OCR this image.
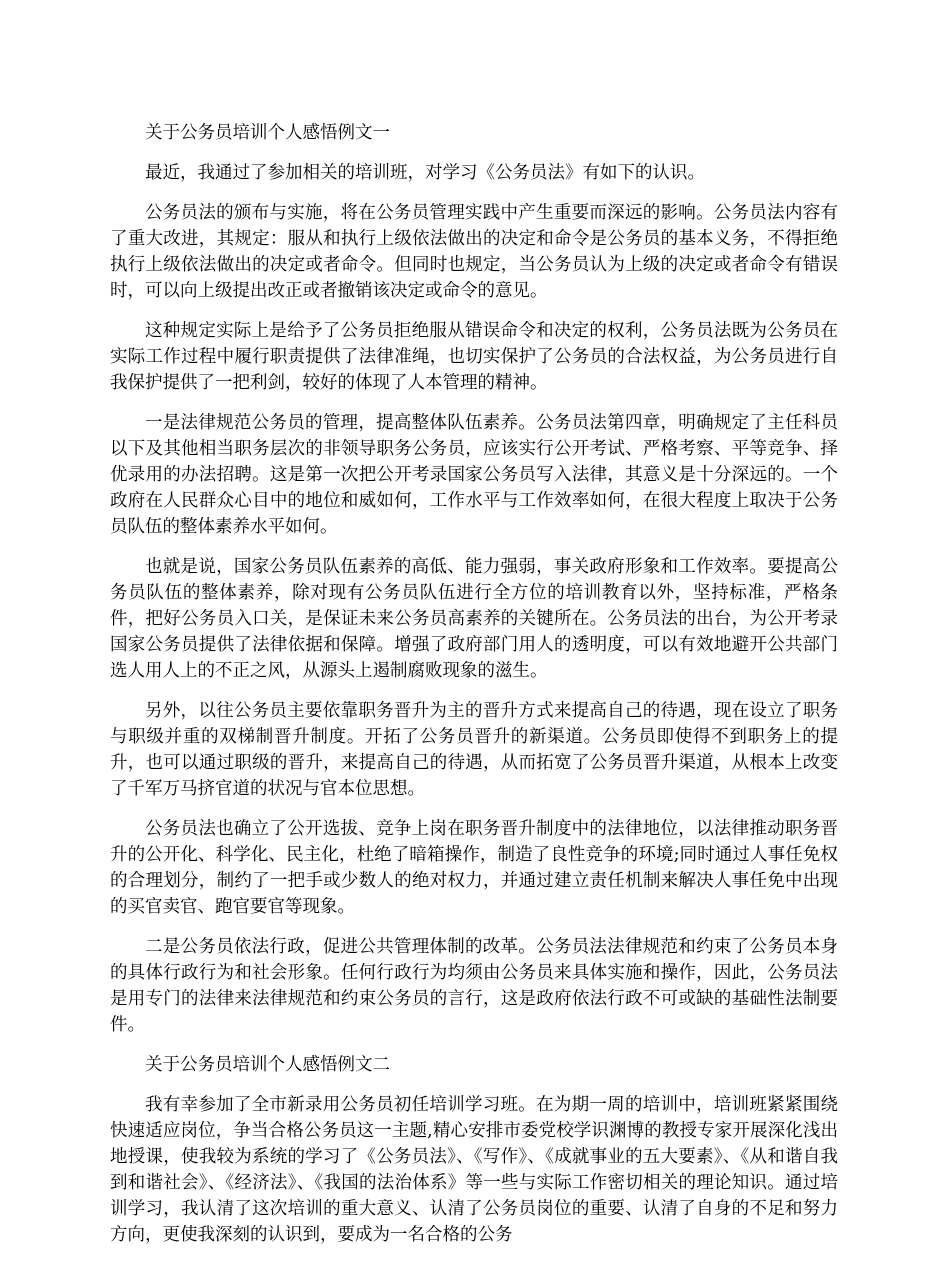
关于公务员培训个人感悟例文一

最近，我通过了参加相关的培训班，对学习《公务员法》有如下的认识。

公务员法的颁布与实施，将在公务员管理实践中产生重要而深远的影响。公务员法内容有了重大改进，其规定：服从和执行上级依法做出的决定和命令是公务员的基本义务，不得拒绝执行上级依法做出的决定或者命令。但同时也规定，当公务员认为上级的决定或者命令有错误时，可以向上级提出改正或者撤销该决定或命令的意见。

这种规定实际上是给予了公务员拒绝服从错误命令和决定的权利，公务员法既为公务员在实际工作过程中履行职责提供了法律准绳，也切实保护了公务员的合法权益，为公务员进行自我保护提供了一把利剑，较好的体现了人本管理的精神。

一是法律规范公务员的管理，提高整体队伍素养。公务员法第四章，明确规定了主任科员以下及其他相当职务层次的非领导职务公务员，应该实行公开考试、严格考察、平等竞争、择优录用的办法招聘。这是第一次把公开考录国家公务员写入法律，其意义是十分深远的。一个政府在人民群众心目中的地位和威如何，工作水平与工作效率如何，在很大程度上取决于公务员队伍的整体素养水平如何。

也就是说，国家公务员队伍素养的高低、能力强弱，事关政府形象和工作效率。要提高公务员队伍的整体素养，除对现有公务员队伍进行全方位的培训教育以外，坚持标准，严格条件，把好公务员入口关，是保证未来公务员高素养的关键所在。公务员法的出台，为公开考录国家公务员提供了法律依据和保障。增强了政府部门用人的透明度，可以有效地避开公共部门选人用人上的不正之风，从源头上遏制腐败现象的滋生。

另外，以往公务员主要依靠职务晋升为主的晋升方式来提高自己的待遇，现在设立了职务与职级并重的双梯制晋升制度。开拓了公务员晋升的新渠道。公务员即使得不到职务上的提升，也可以通过职级的晋升，来提高自己的待遇，从而拓宽了公务员晋升渠道，从根本上改变了千军万马挤官道的状况与官本位思想。

公务员法也确立了公开选拔、竞争上岗在职务晋升制度中的法律地位，以法律推动职务晋升的公开化、科学化、民主化，杜绝了暗箱操作，制造了良性竞争的环境;同时通过人事任免权的合理划分，制约了一把手或少数人的绝对权力，并通过建立责任机制来解决人事任免中出现的买官卖官、跑官要官等现象。

二是公务员依法行政，促进公共管理体制的改革。公务员法法律规范和约束了公务员本身的具体行政行为和社会形象。任何行政行为均须由公务员来具体实施和操作，因此，公务员法是用专门的法律来法律规范和约束公务员的言行，这是政府依法行政不可或缺的基础性法制要件。

关于公务员培训个人感悟例文二

我有幸参加了全市新录用公务员初任培训学习班。在为期一周的培训中，培训班紧紧围绕快速适应岗位，争当合格公务员这一主题,精心安排市委党校学识渊博的教授专家开展深化浅出地授课，使我较为系统的学习了《公务员法》、《写作》、《成就事业的五大要素》、《从和谐自我到和谐社会》、《经济法》、《我国的法治体系》等一些与实际工作密切相关的理论知识。通过培训学习，我认清了这次培训的重大意义、认清了公务员岗位的重要、认清了自身的不足和努力方向，更使我深刻的认识到，要成为一名合格的公务
